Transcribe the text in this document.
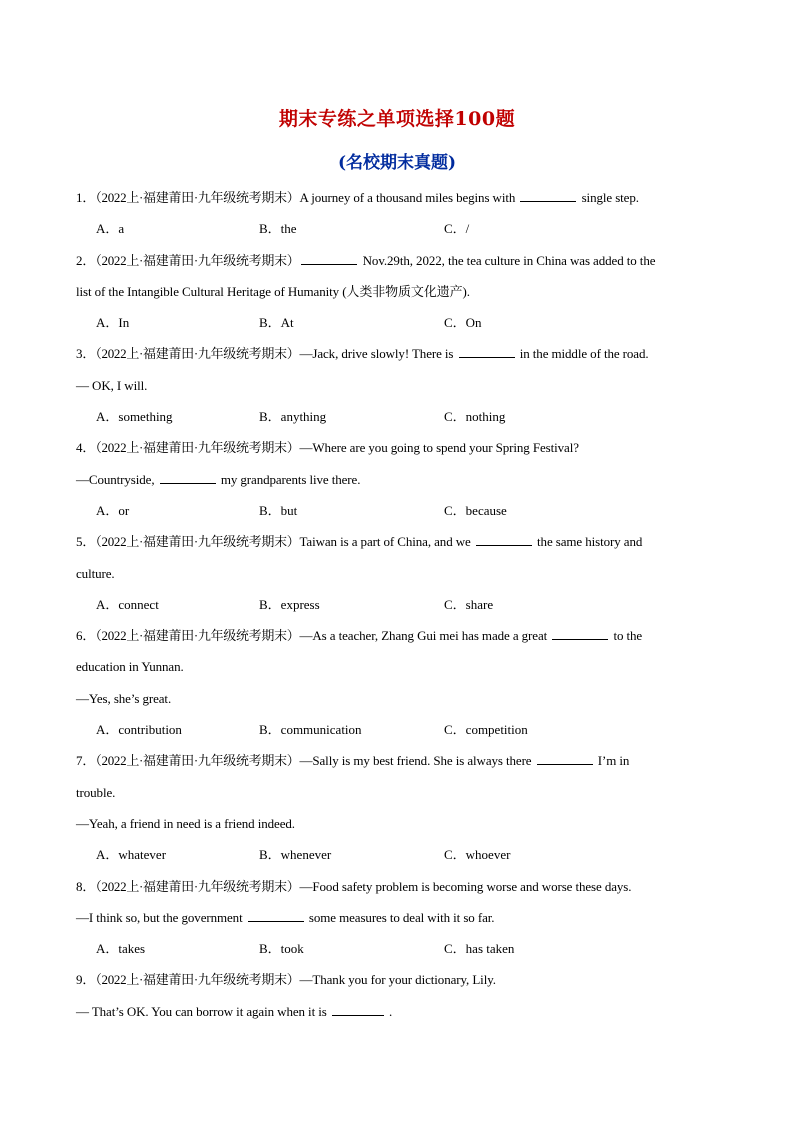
期末专练之单项选择100题
(名校期末真题)
1．（2022上·福建莆田·九年级统考期末）A journey of a thousand miles begins with	single step.
A．a	B．the	C．/
2．（2022上·福建莆田·九年级统考期末）	Nov.29th, 2022, the tea culture in China was added to the
list of the Intangible Cultural Heritage of Humanity (人类非物质文化遗产).
A．In	B．At	C．On
3．（2022上·福建莆田·九年级统考期末）—Jack, drive slowly! There is	in the middle of the road.
— OK, I will.
A．something	B．anything	C．nothing
4．（2022上·福建莆田·九年级统考期末）—Where are you going to spend your Spring Festival?
—Countryside,	my grandparents live there.
A．or	B．but	C．because
5．（2022上·福建莆田·九年级统考期末）Taiwan is a part of China, and we	the same history and
culture.
A．connect	B．express	C．share
6．（2022上·福建莆田·九年级统考期末）—As a teacher, Zhang Gui mei has made a great	to the
education in Yunnan.
—Yes, she’s great.
A．contribution	B．communication	C．competition
7．（2022上·福建莆田·九年级统考期末）—Sally is my best friend. She is always there	I’m in
trouble.
—Yeah, a friend in need is a friend indeed.
A．whatever	B．whenever	C．whoever
8．（2022上·福建莆田·九年级统考期末）—Food safety problem is becoming worse and worse these days.
—I think so, but the government	some measures to deal with it so far.
A．takes	B．took	C．has taken
9．（2022上·福建莆田·九年级统考期末）—Thank you for your dictionary, Lily.
— That’s OK. You can borrow it again when it is	.
